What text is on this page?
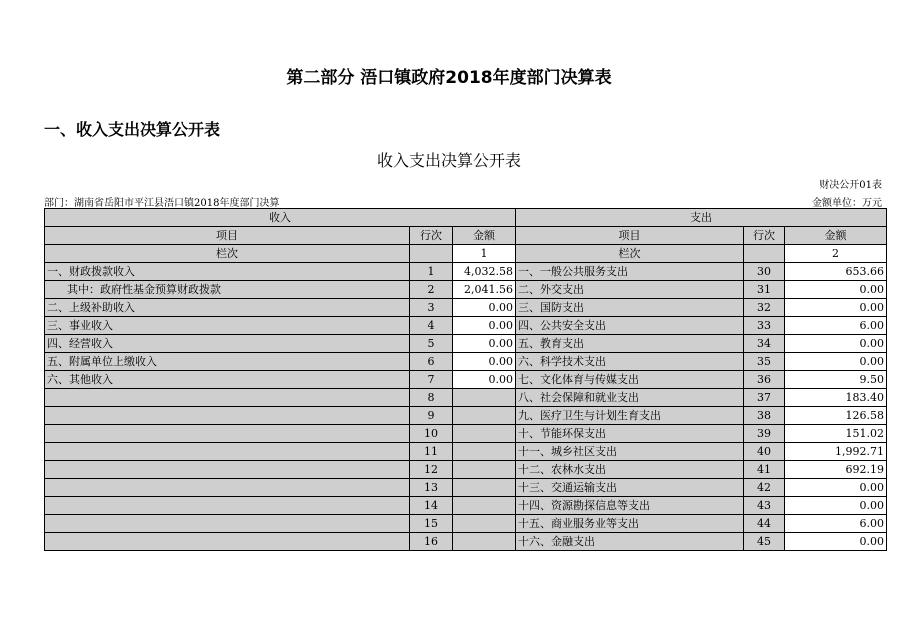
第二部分 浯口镇政府2018年度部门决算表
一、收入支出决算公开表
收入支出决算公开表
财决公开01表
部门：湖南省岳阳市平江县浯口镇2018年度部门决算	金额单位：万元
收入			支出		
项目	行次	金额	项目	行次	金额
栏次		1	栏次		2
一、财政拨款收入	1	4,032.58	一、一般公共服务支出	30	653.66
其中：政府性基金预算财政拨款	2	2,041.56	二、外交支出	31	0.00
二、上级补助收入	3	0.00	三、国防支出	32	0.00
三、事业收入	4	0.00	四、公共安全支出	33	6.00
四、经营收入	5	0.00	五、教育支出	34	0.00
五、附属单位上缴收入	6	0.00	六、科学技术支出	35	0.00
六、其他收入	7	0.00	七、文化体育与传媒支出	36	9.50
	8		八、社会保障和就业支出	37	183.40
	9		九、医疗卫生与计划生育支出	38	126.58
	10		十、节能环保支出	39	151.02
	11		十一、城乡社区支出	40	1,992.71
	12		十二、农林水支出	41	692.19
	13		十三、交通运输支出	42	0.00
	14		十四、资源勘探信息等支出	43	0.00
	15		十五、商业服务业等支出	44	6.00
	16		十六、金融支出	45	0.00
